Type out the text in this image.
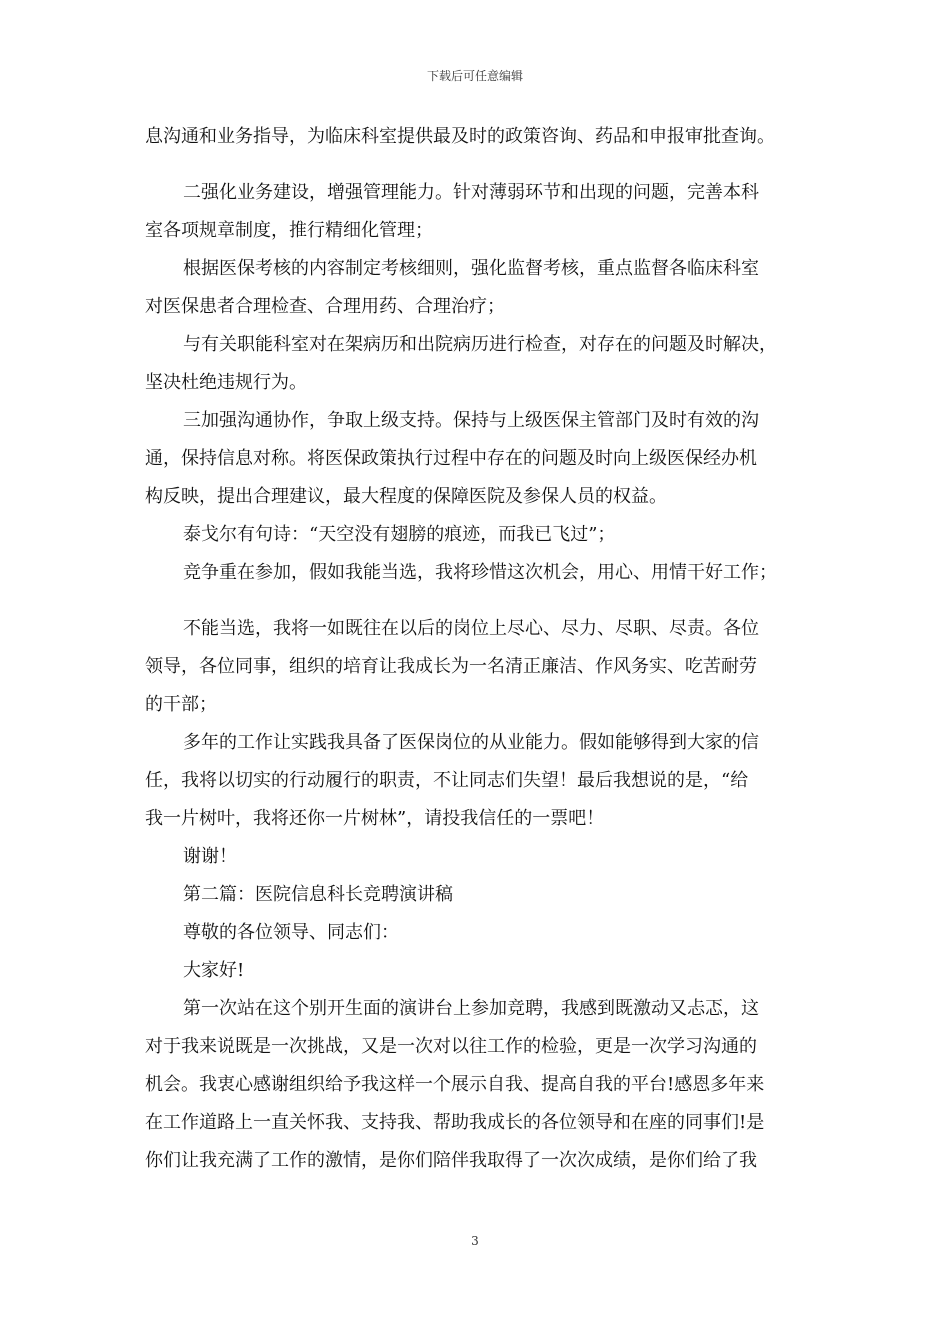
下载后可任意编辑
息沟通和业务指导，为临床科室提供最及时的政策咨询、药品和申报审批查询。
二强化业务建设，增强管理能力。针对薄弱环节和出现的问题，完善本科
室各项规章制度，推行精细化管理；
根据医保考核的内容制定考核细则，强化监督考核，重点监督各临床科室
对医保患者合理检查、合理用药、合理治疗；
与有关职能科室对在架病历和出院病历进行检查，对存在的问题及时解决，
坚决杜绝违规行为。
三加强沟通协作，争取上级支持。保持与上级医保主管部门及时有效的沟
通，保持信息对称。将医保政策执行过程中存在的问题及时向上级医保经办机
构反映，提出合理建议，最大程度的保障医院及参保人员的权益。
泰戈尔有句诗：“天空没有翅膀的痕迹，而我已飞过”；
竞争重在参加，假如我能当选，我将珍惜这次机会，用心、用情干好工作；
不能当选，我将一如既往在以后的岗位上尽心、尽力、尽职、尽责。各位
领导，各位同事，组织的培育让我成长为一名清正廉洁、作风务实、吃苦耐劳
的干部；
多年的工作让实践我具备了医保岗位的从业能力。假如能够得到大家的信
任，我将以切实的行动履行的职责，不让同志们失望！最后我想说的是，“给
我一片树叶，我将还你一片树林”，请投我信任的一票吧！
谢谢！
第二篇：医院信息科长竞聘演讲稿
尊敬的各位领导、同志们：
大家好!
第一次站在这个别开生面的演讲台上参加竞聘，我感到既激动又忐忑，这
对于我来说既是一次挑战，又是一次对以往工作的检验，更是一次学习沟通的
机会。我衷心感谢组织给予我这样一个展示自我、提高自我的平台!感恩多年来
在工作道路上一直关怀我、支持我、帮助我成长的各位领导和在座的同事们!是
你们让我充满了工作的激情，是你们陪伴我取得了一次次成绩，是你们给了我
3
